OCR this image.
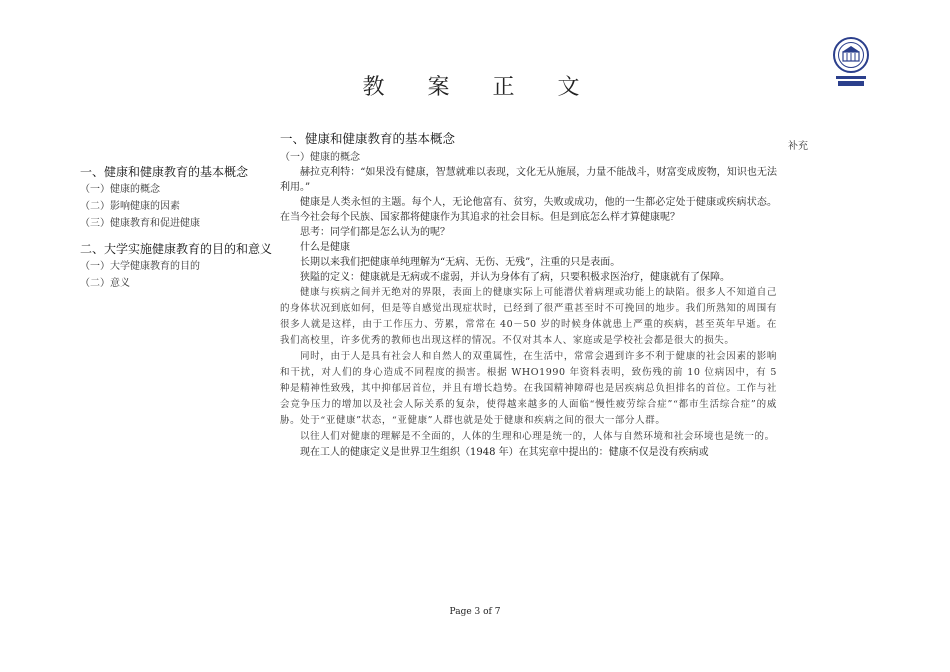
教 案 正 文
补充
一、健康和健康教育的基本概念
（一）健康的概念
（二）影响健康的因素
（三）健康教育和促进健康
二、大学实施健康教育的目的和意义
（一）大学健康教育的目的
（二）意义
一、健康和健康教育的基本概念
（一）健康的概念

赫拉克利特：“如果没有健康，智慧就难以表现，文化无从施展，力量不能战斗，财富变成废物，知识也无法利用。”

健康是人类永恒的主题。每个人，无论他富有、贫穷，失败或成功，他的一生都必定处于健康或疾病状态。在当今社会每个民族、国家都将健康作为其追求的社会目标。但是到底怎么样才算健康呢？

思考：同学们都是怎么认为的呢？

什么是健康

长期以来我们把健康单纯理解为“无病、无伤、无残”，注重的只是表面。

狭隘的定义：健康就是无病或不虚弱，并认为身体有了病，只要积极求医治疗，健康就有了保障。

健康与疾病之间并无绝对的界限，表面上的健康实际上可能潜伏着病理或功能上的缺陷。很多人不知道自己的身体状况到底如何，但是等自感觉出现症状时，已经到了很严重甚至时不可挽回的地步。我们所熟知的周围有很多人就是这样，由于工作压力、劳累，常常在 40－50 岁的时候身体就患上严重的疾病，甚至英年早逝。在我们高校里，许多优秀的教师也出现这样的情况。不仅对其本人、家庭或是学校社会都是很大的损失。

同时，由于人是具有社会人和自然人的双重属性，在生活中，常常会遇到许多不利于健康的社会因素的影响和干扰，对人们的身心造成不同程度的损害。根据 WHO1990 年资料表明，致伤残的前 10 位病因中，有 5 种是精神性致残，其中抑郁居首位，并且有增长趋势。在我国精神障碍也是居疾病总负担排名的首位。工作与社会竞争压力的增加以及社会人际关系的复杂，使得越来越多的人面临“慢性疲劳综合症”“都市生活综合症”的威胁。处于“亚健康”状态，“亚健康”人群也就是处于健康和疾病之间的很大一部分人群。

以往人们对健康的理解是不全面的，人体的生理和心理是统一的，人体与自然环境和社会环境也是统一的。

现在工人的健康定义是世界卫生组织（1948 年）在其宪章中提出的：健康不仅是没有疾病或

Page 3 of 7
